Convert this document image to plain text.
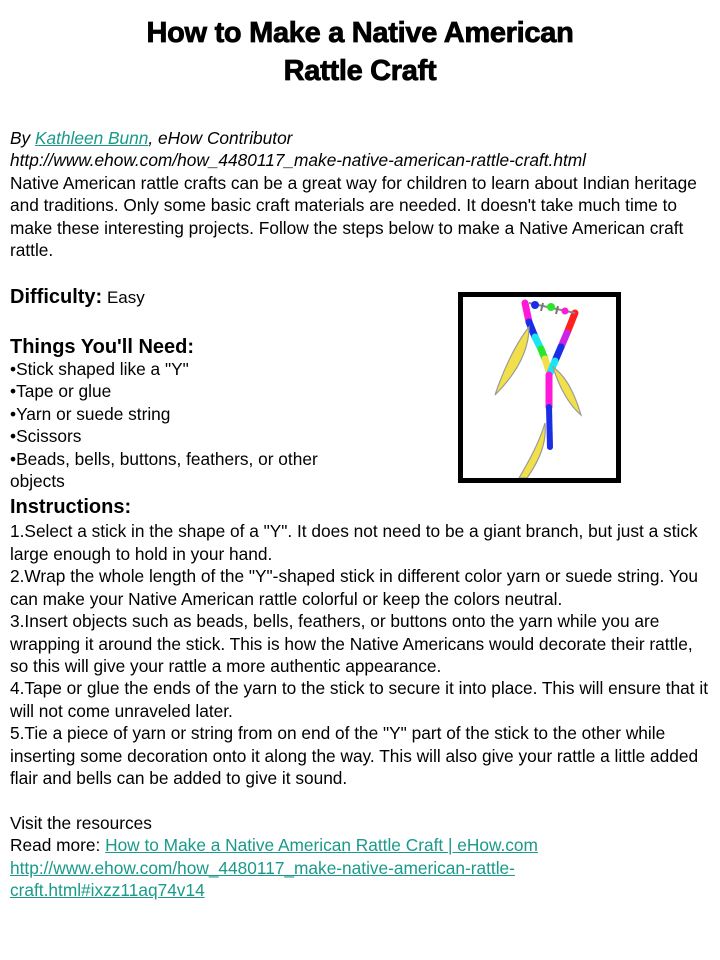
How to Make a Native American
Rattle Craft
By Kathleen Bunn, eHow Contributor
http://www.ehow.com/how_4480117_make-native-american-rattle-craft.html
Native American rattle crafts can be a great way for children to learn about Indian heritage and traditions. Only some basic craft materials are needed. It doesn't take much time to make these interesting projects. Follow the steps below to make a Native American craft rattle.
Difficulty: Easy
Things You'll Need:
• Stick shaped like a "Y"
• Tape or glue
• Yarn or suede string
• Scissors
• Beads, bells, buttons, feathers, or other objects
Instructions:
1.Select a stick in the shape of a "Y". It does not need to be a giant branch, but just a stick large enough to hold in your hand.
2.Wrap the whole length of the "Y"-shaped stick in different color yarn or suede string. You can make your Native American rattle colorful or keep the colors neutral.
3.Insert objects such as beads, bells, feathers, or buttons onto the yarn while you are wrapping it around the stick. This is how the Native Americans would decorate their rattle, so this will give your rattle a more authentic appearance.
4.Tape or glue the ends of the yarn to the stick to secure it into place. This will ensure that it will not come unraveled later.
5.Tie a piece of yarn or string from on end of the "Y" part of the stick to the other while inserting some decoration onto it along the way. This will also give your rattle a little added flair and bells can be added to give it sound.
Visit the resources
Read more: How to Make a Native American Rattle Craft | eHow.com
http://www.ehow.com/how_4480117_make-native-american-rattle-
craft.html#ixzz11aq74v14
